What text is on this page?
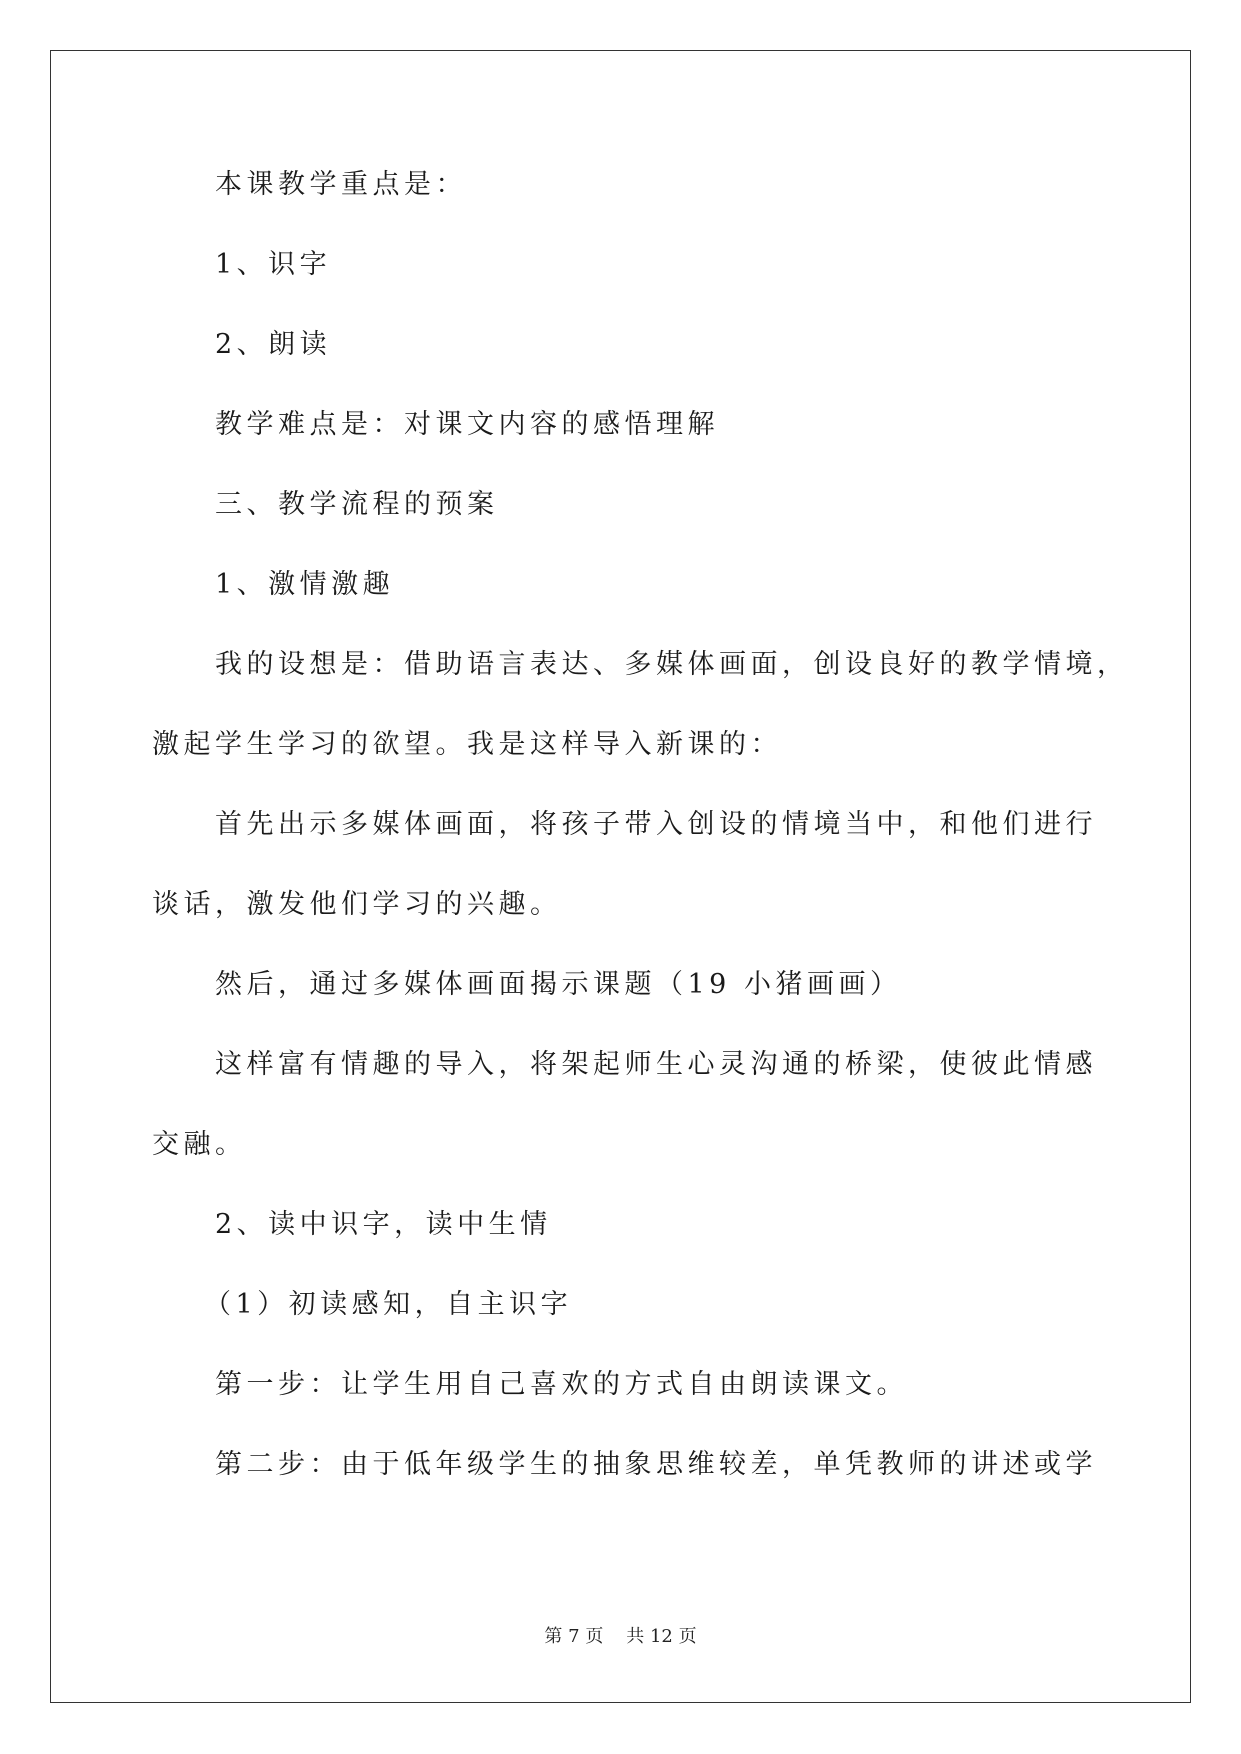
本课教学重点是：
1、识字
2、朗读
教学难点是：对课文内容的感悟理解
三、教学流程的预案
1、激情激趣
我的设想是：借助语言表达、多媒体画面，创设良好的教学情境，
激起学生学习的欲望。我是这样导入新课的：
首先出示多媒体画面，将孩子带入创设的情境当中，和他们进行
谈话，激发他们学习的兴趣。
然后，通过多媒体画面揭示课题（19 小猪画画）
这样富有情趣的导入，将架起师生心灵沟通的桥梁，使彼此情感
交融。
2、读中识字，读中生情
（1）初读感知，自主识字
第一步：让学生用自己喜欢的方式自由朗读课文。
第二步：由于低年级学生的抽象思维较差，单凭教师的讲述或学
第 7 页 共 12 页
